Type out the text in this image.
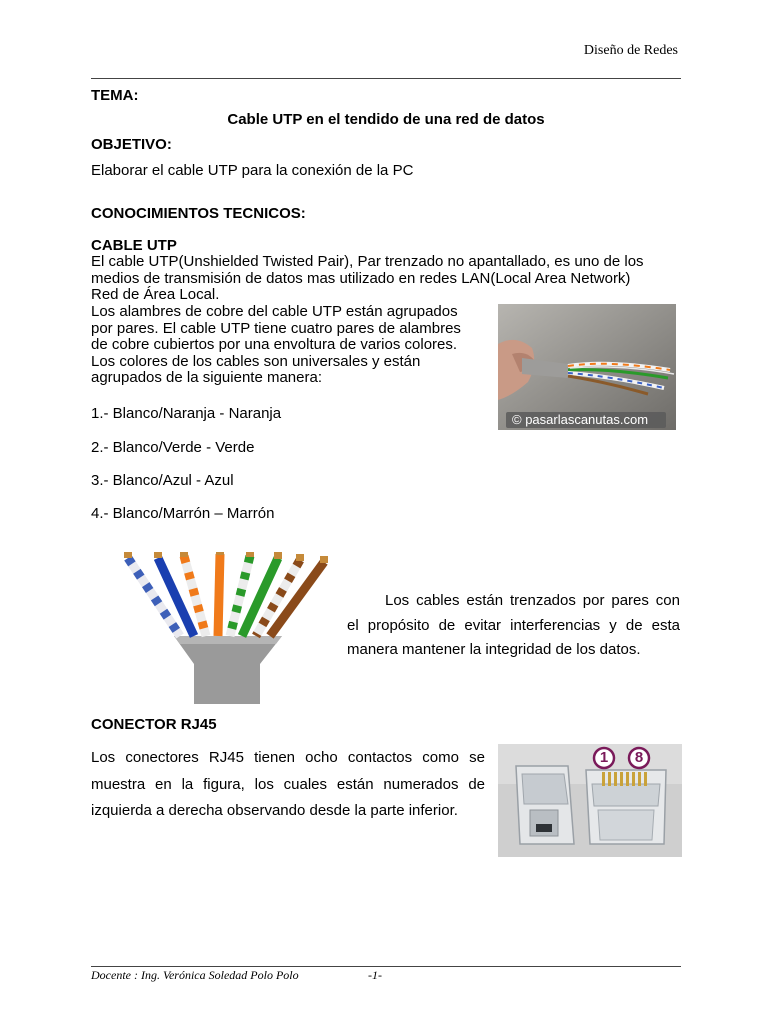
Diseño de Redes
TEMA:
Cable UTP en el tendido de una red de datos
OBJETIVO:
Elaborar el cable UTP para la conexión de la PC
CONOCIMIENTOS TECNICOS:
CABLE UTP
El cable UTP(Unshielded Twisted Pair), Par trenzado no apantallado, es uno de los
medios de transmisión de datos mas utilizado en redes LAN(Local Area Network)
Red de Área Local.
Los alambres de cobre del cable UTP están agrupados
por pares. El cable UTP tiene cuatro pares de alambres
de cobre cubiertos por una envoltura de varios colores.
Los colores de los cables son universales y están
agrupados de la siguiente manera:
1.- Blanco/Naranja - Naranja
2.- Blanco/Verde - Verde
3.- Blanco/Azul - Azul
4.- Blanco/Marrón – Marrón
© pasarlascanutas.com
Los cables están trenzados por pares con
el propósito de evitar interferencias y de esta
manera mantener la integridad de los datos.
CONECTOR RJ45
Los conectores RJ45 tienen ocho contactos como se
muestra en la figura, los cuales están numerados de
izquierda a derecha observando desde la parte inferior.
1 8
Docente : Ing. Verónica Soledad Polo Polo	-1-
